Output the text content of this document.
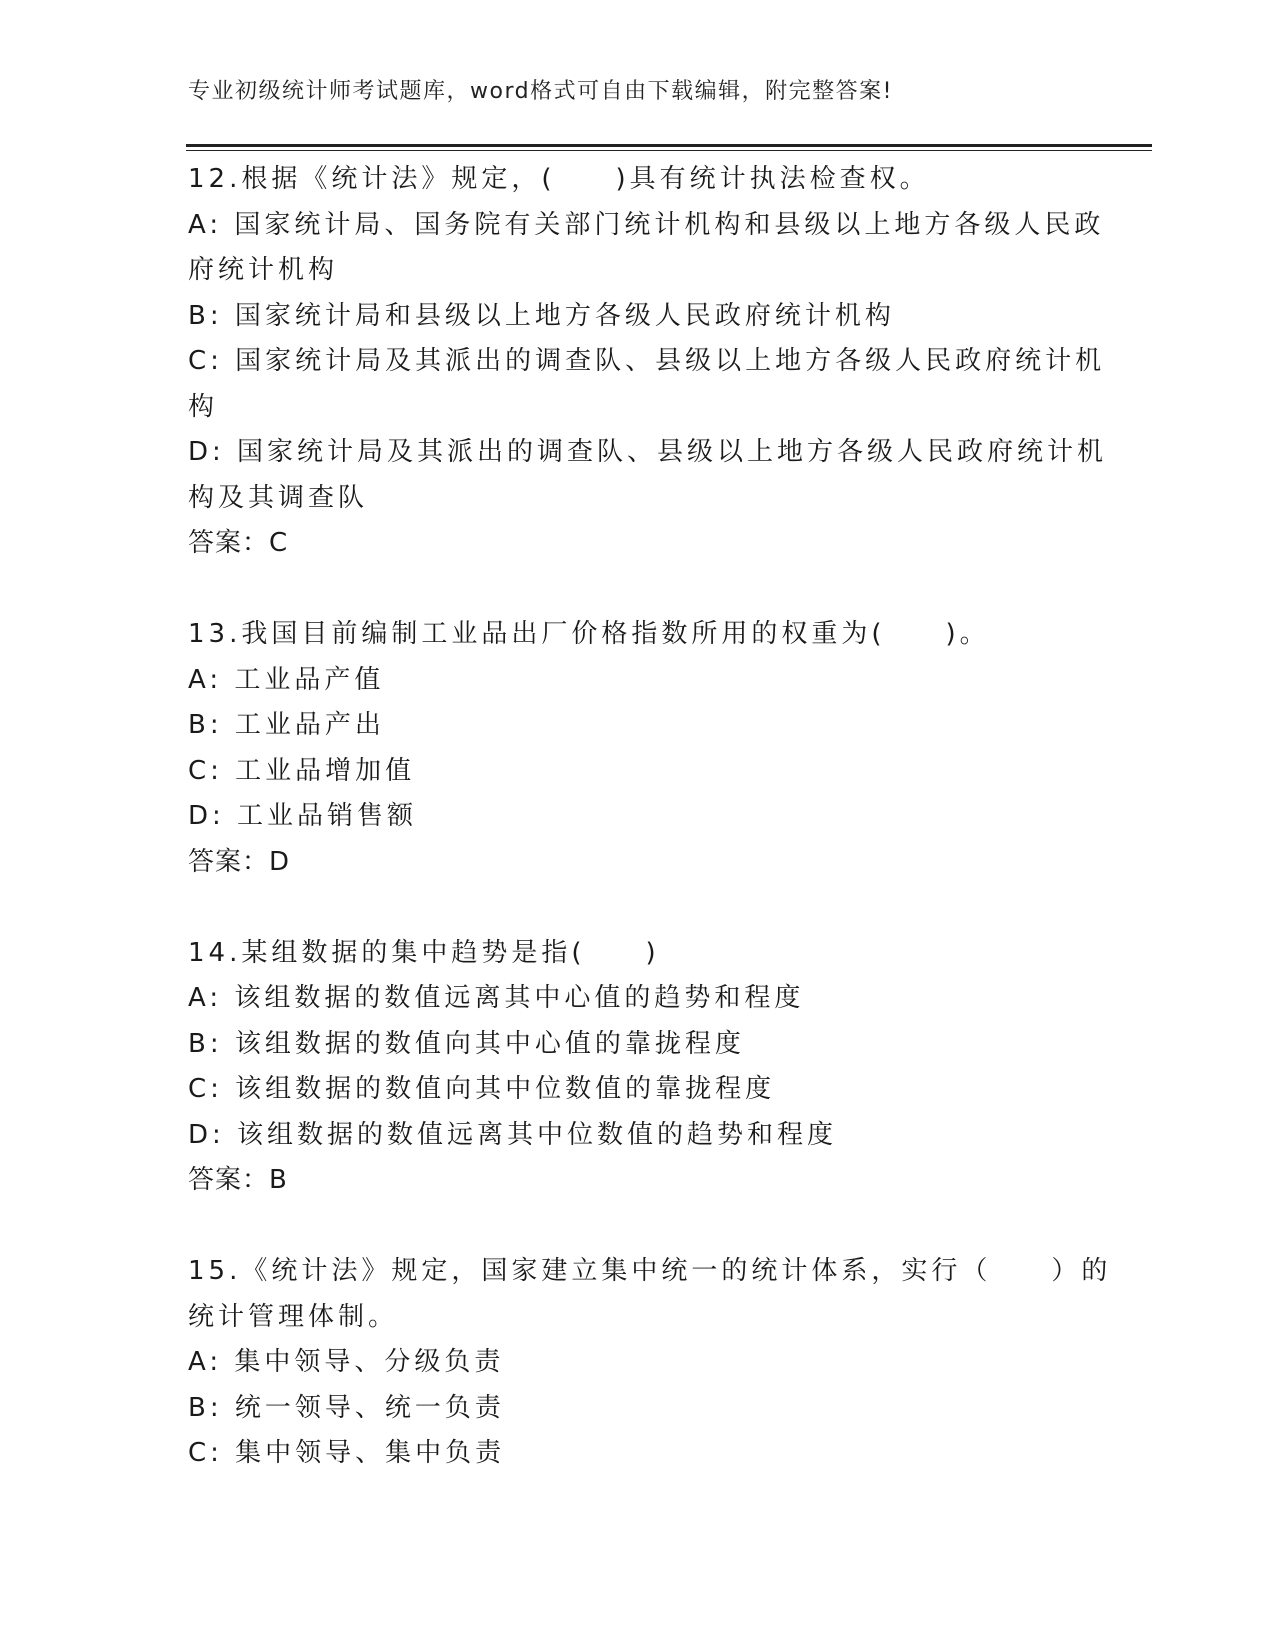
专业初级统计师考试题库，word格式可自由下载编辑，附完整答案!
12.根据《统计法》规定，(　　)具有统计执法检查权。
A: 国家统计局、国务院有关部门统计机构和县级以上地方各级人民政
府统计机构
B: 国家统计局和县级以上地方各级人民政府统计机构
C: 国家统计局及其派出的调查队、县级以上地方各级人民政府统计机
构
D: 国家统计局及其派出的调查队、县级以上地方各级人民政府统计机
构及其调查队
答案：C
13.我国目前编制工业品出厂价格指数所用的权重为(　　)。
A: 工业品产值
B: 工业品产出
C: 工业品增加值
D: 工业品销售额
答案：D
14.某组数据的集中趋势是指(　　)
A: 该组数据的数值远离其中心值的趋势和程度
B: 该组数据的数值向其中心值的靠拢程度
C: 该组数据的数值向其中位数值的靠拢程度
D: 该组数据的数值远离其中位数值的趋势和程度
答案：B
15.《统计法》规定，国家建立集中统一的统计体系，实行（　　）的
统计管理体制。
A: 集中领导、分级负责
B: 统一领导、统一负责
C: 集中领导、集中负责
